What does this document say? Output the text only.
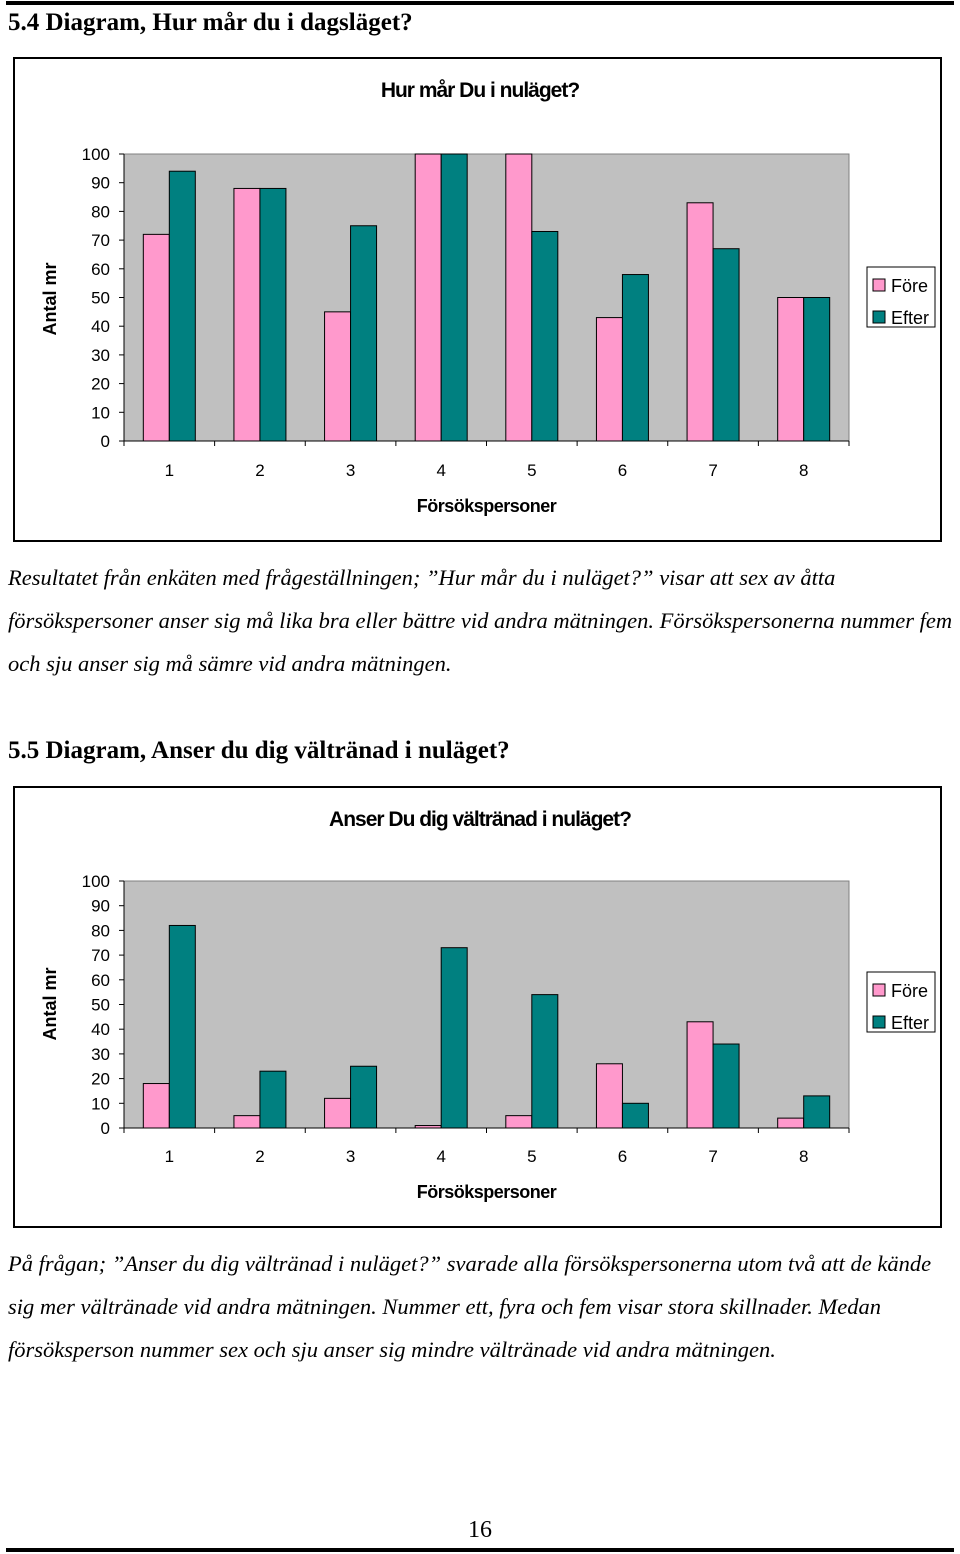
5.4 Diagram, Hur mår du i dagsläget?
Hur mår Du i nuläget?
0
10
20
30
40
50
60
70
80
90
100
1	2	3	4	5	6	7	8
Försökspersoner
Antal mr	Före
Efter
Resultatet från enkäten med frågeställningen; ”Hur mår du i nuläget?” visar att sex av åtta försökspersoner anser sig må lika bra eller bättre vid andra mätningen. Försökspersonerna nummer fem och sju anser sig må sämre vid andra mätningen.
5.5 Diagram, Anser du dig vältränad i nuläget?
Anser Du dig vältränad i nuläget?
0
10
20
30
40
50
60
70
80
90
100
1	2	3	4	5	6	7	8
Försökspersoner
Antal mr	Före
Efter
På frågan; ”Anser du dig vältränad i nuläget?” svarade alla försökspersonerna utom två att de kände sig mer vältränade vid andra mätningen. Nummer ett, fyra och fem visar stora skillnader. Medan försöksperson nummer sex och sju anser sig mindre vältränade vid andra mätningen.
16
